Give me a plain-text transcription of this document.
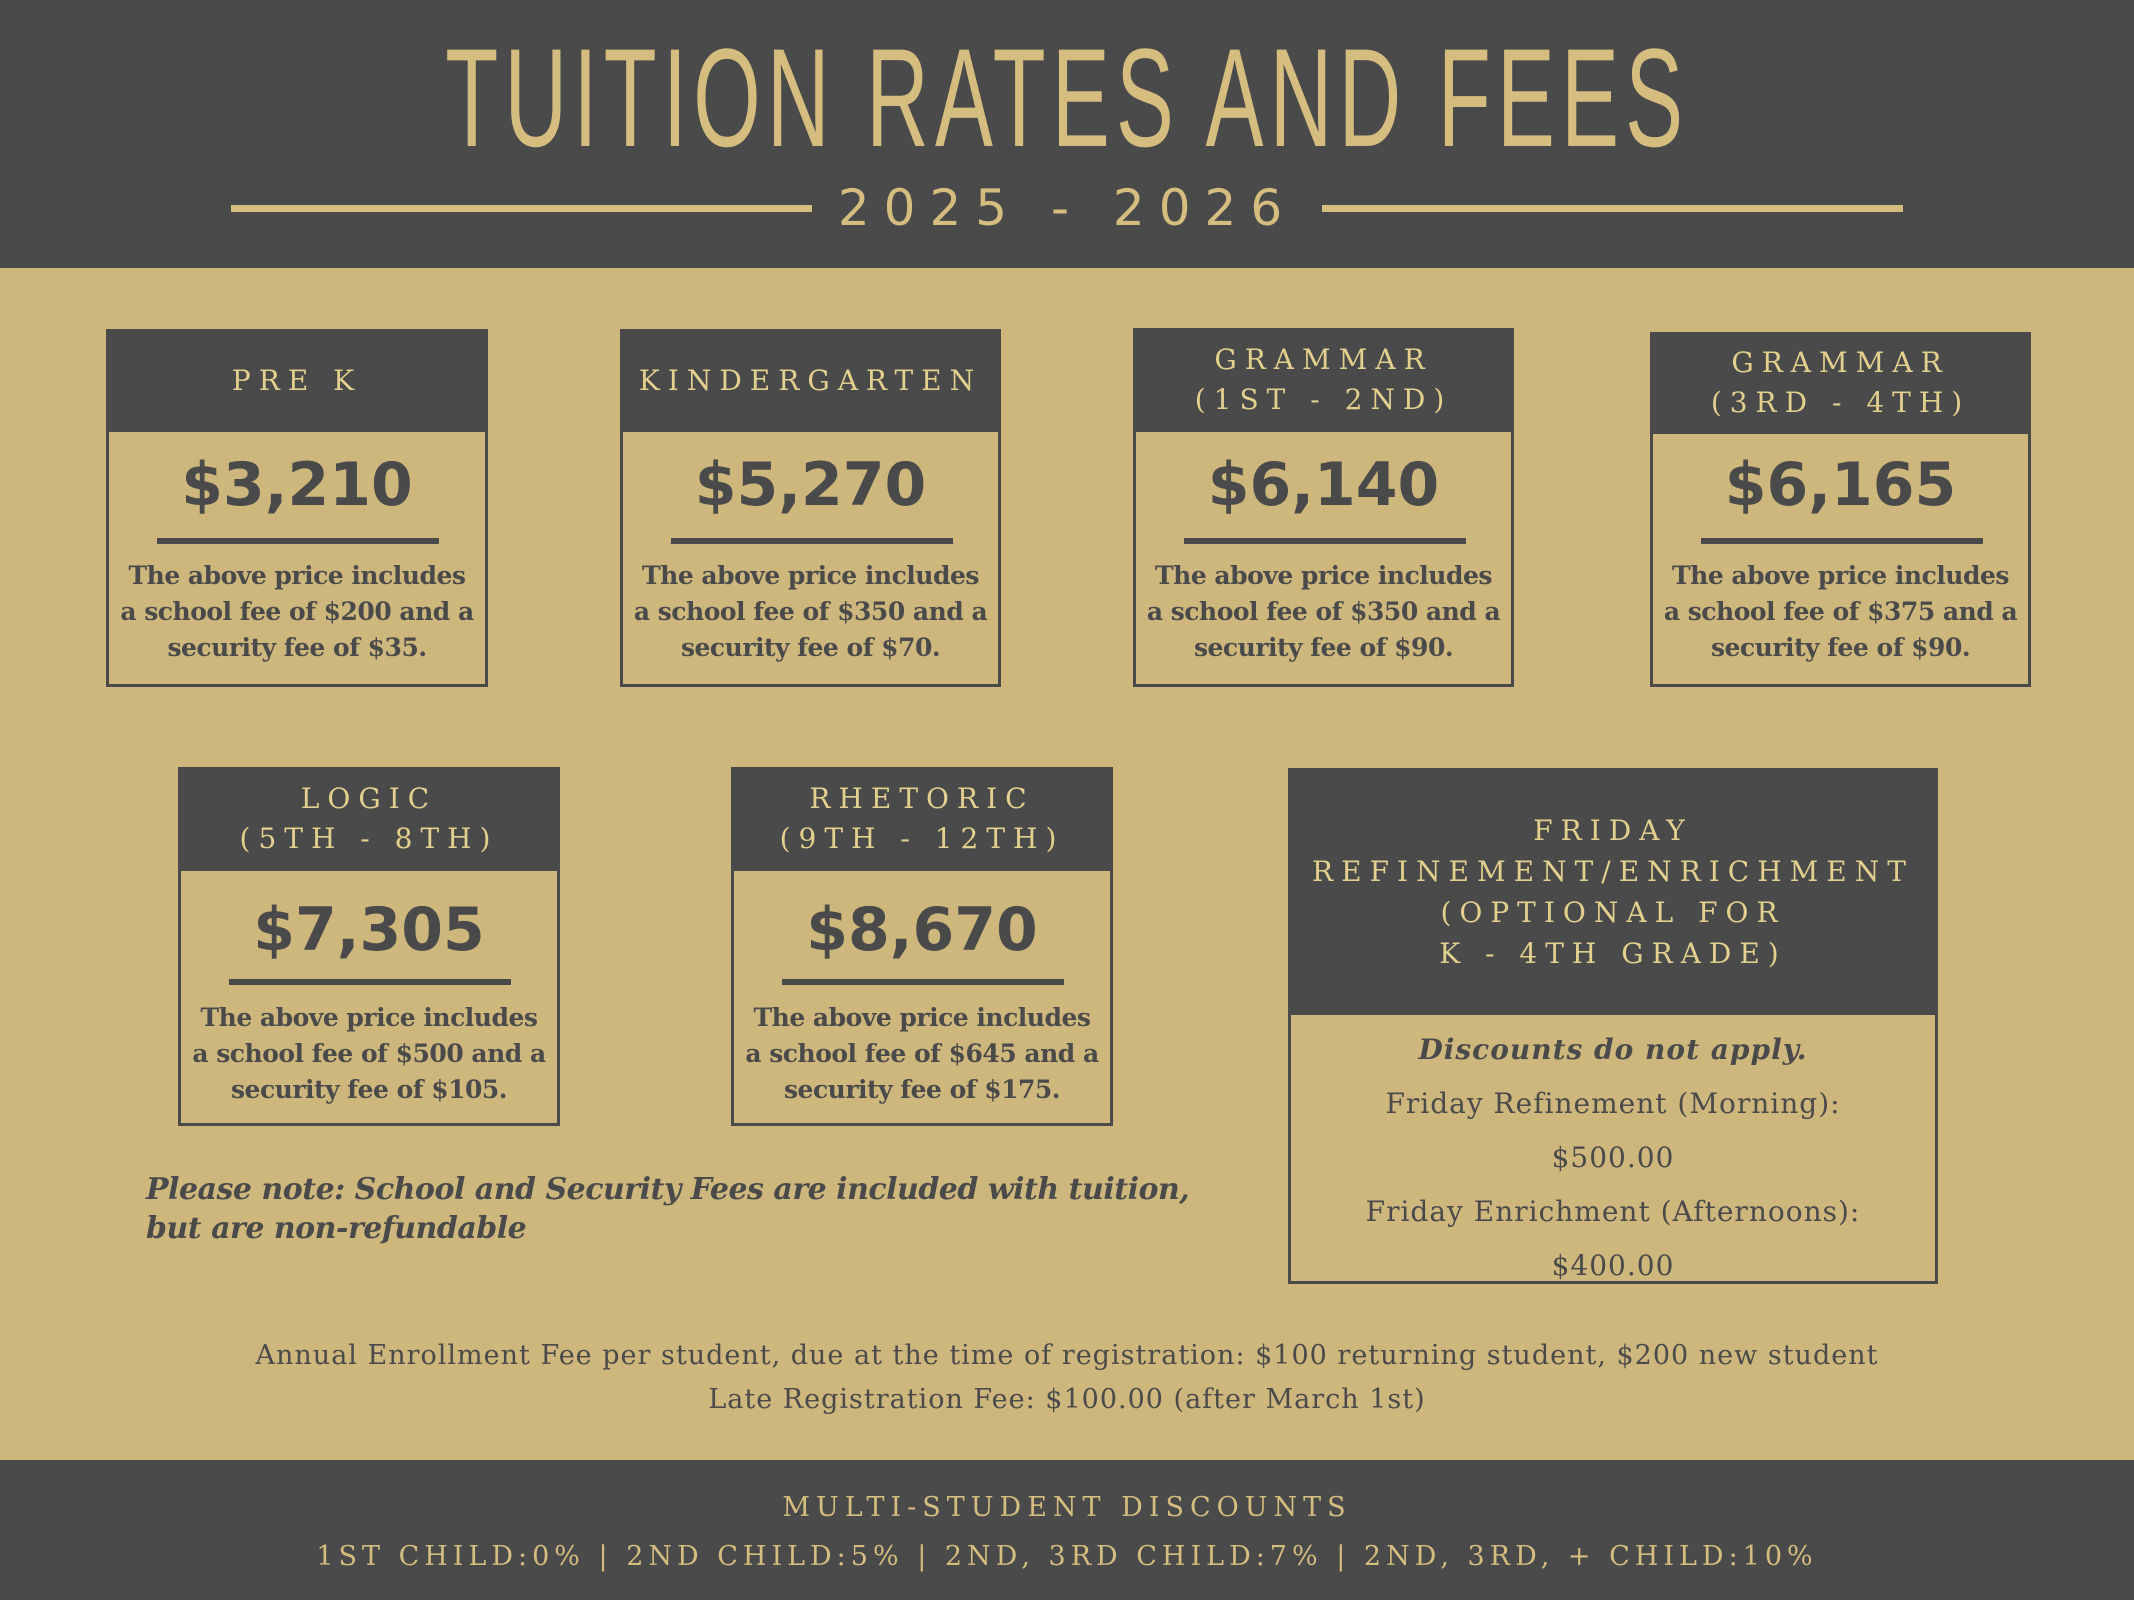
TUITION RATES AND FEES
2025 - 2026
PRE K
$3,210
The above price includes
a school fee of $200 and a
security fee of $35.
KINDERGARTEN
$5,270
The above price includes
a school fee of $350 and a
security fee of $70.
GRAMMAR
(1ST - 2ND)
$6,140
The above price includes
a school fee of $350 and a
security fee of $90.
GRAMMAR
(3RD - 4TH)
$6,165
The above price includes
a school fee of $375 and a
security fee of $90.
LOGIC
(5TH - 8TH)
$7,305
The above price includes
a school fee of $500 and a
security fee of $105.
RHETORIC
(9TH - 12TH)
$8,670
The above price includes
a school fee of $645 and a
security fee of $175.
FRIDAY
REFINEMENT/ENRICHMENT
(OPTIONAL FOR
K - 4TH GRADE)
Discounts do not apply.
Friday Refinement (Morning):
$500.00
Friday Enrichment (Afternoons):
$400.00
Please note: School and Security Fees are included with tuition,
but are non-refundable
Annual Enrollment Fee per student, due at the time of registration: $100 returning student, $200 new student
Late Registration Fee: $100.00 (after March 1st)
MULTI-STUDENT DISCOUNTS
1ST CHILD:0% | 2ND CHILD:5% | 2ND, 3RD CHILD:7% | 2ND, 3RD, + CHILD:10%
